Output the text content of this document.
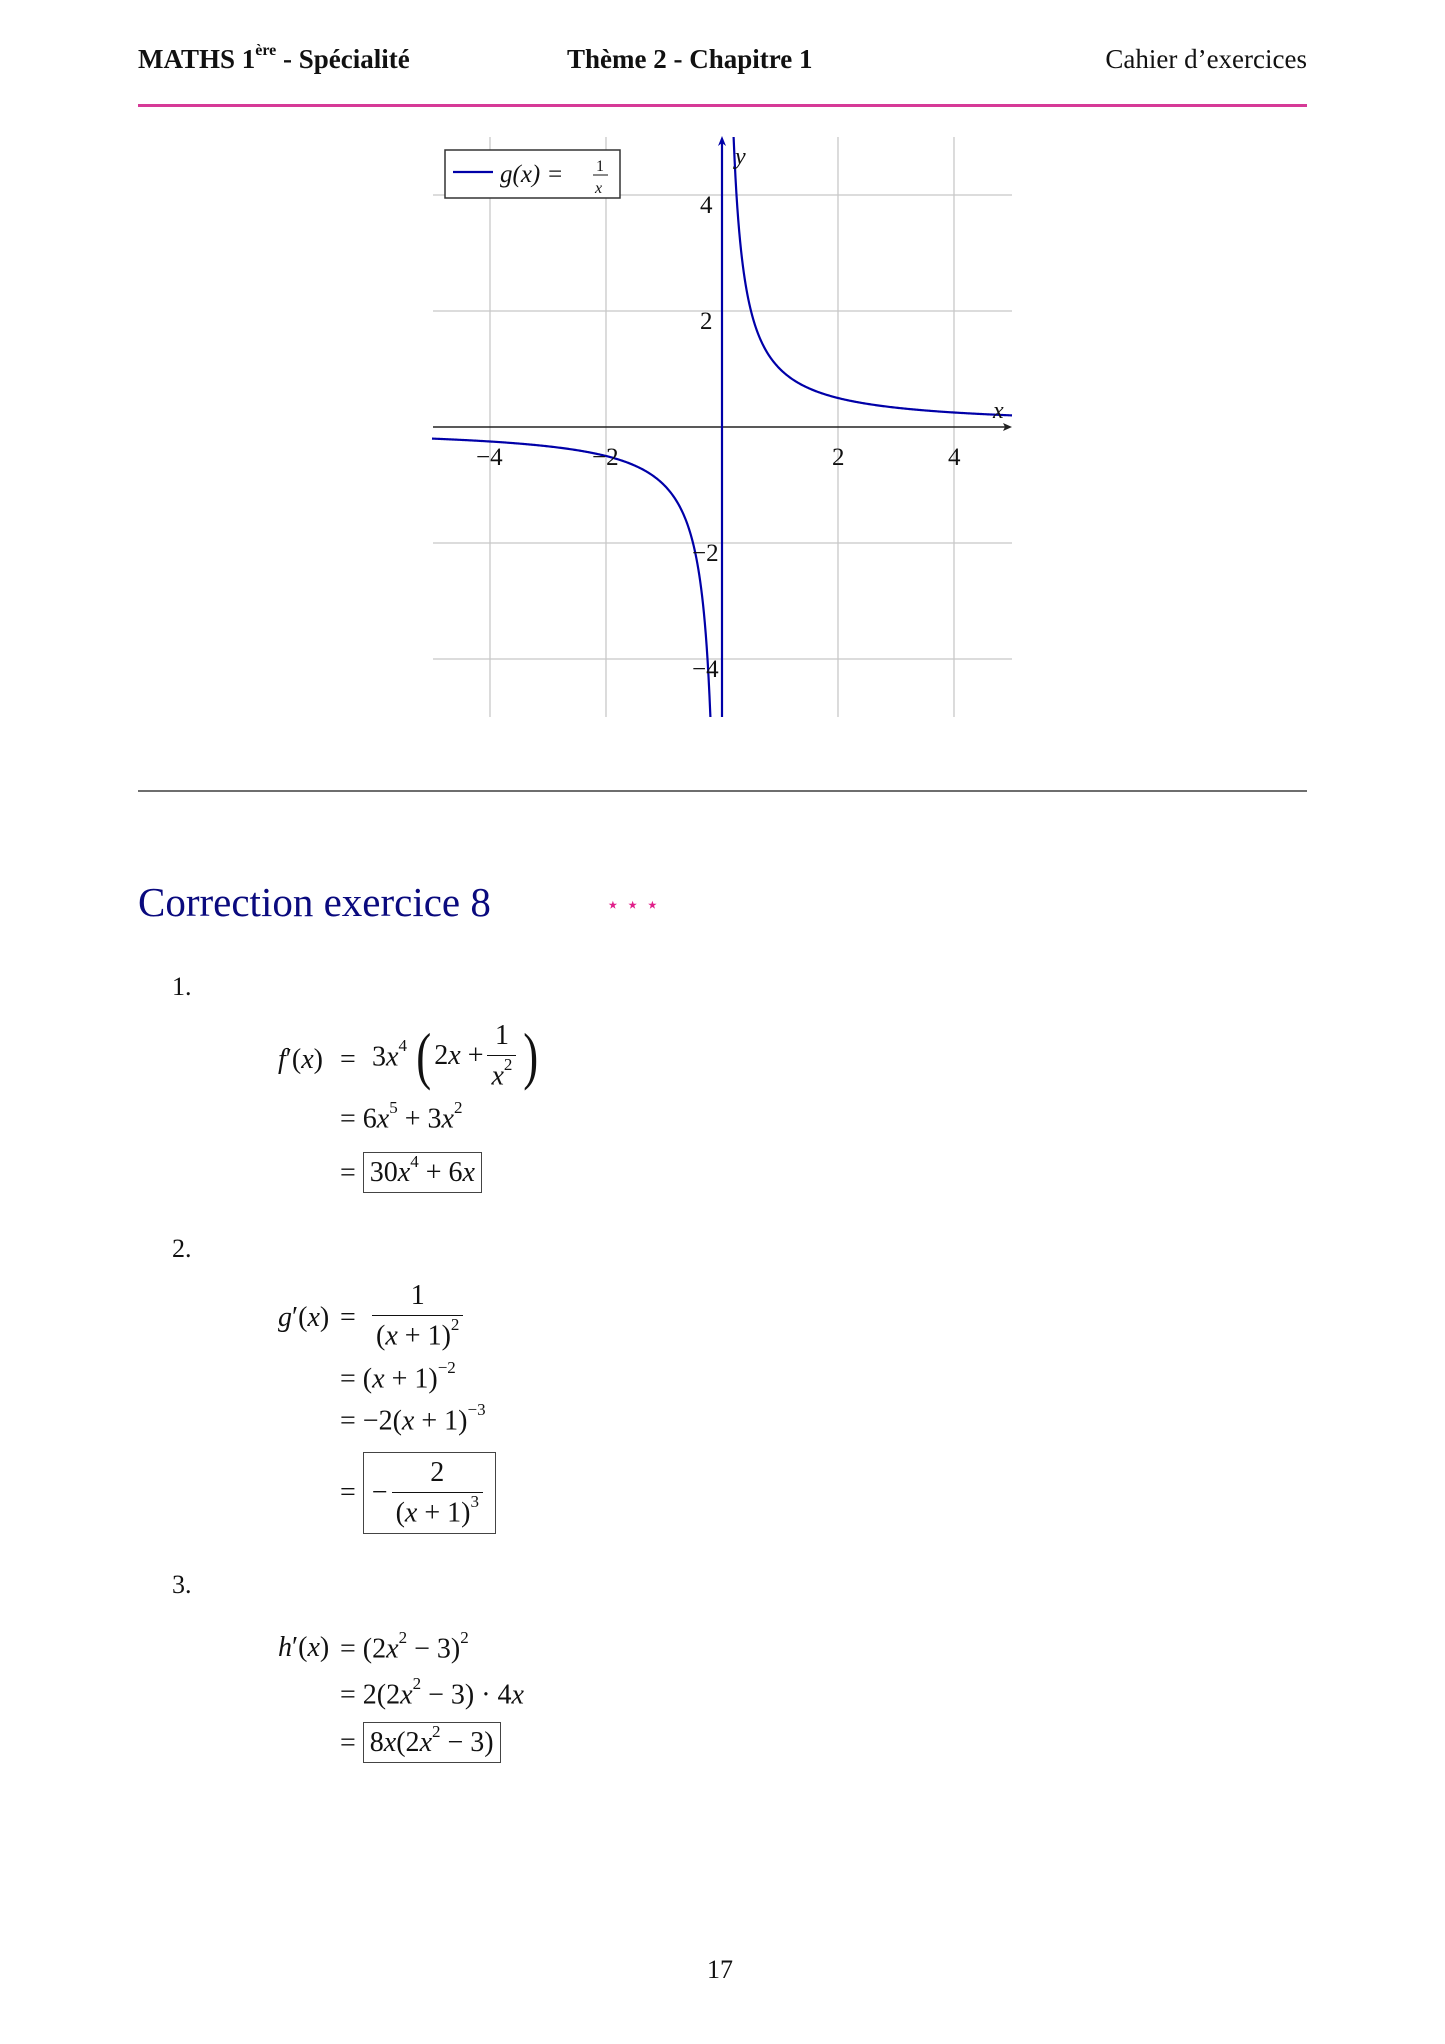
MATHS 1ère - Spécialité	Thème 2 - Chapitre 1	Cahier d’exercices
−4	−2	2	4
−4
−2
2
4
x
y
g(x) = 1
x
Correction exercice 8	⋆⋆⋆
1.
$f'(x) = 3x^4$ ( $2x + \frac{1}{x^2}$ )
= $6x^5 + 3x^2$
= $30x^4 + 6x$
2.
$g'(x) = \frac{1}{(x + 1)^2}$
= $(x + 1)^{-2}$
= $-2(x + 1)^{-3}$
=
− $\frac{2}{(x + 1)^3}$
3.
$h'(x) = (2x^2 - 3)^2$
= $2(2x^2 - 3) \cdot 4x$
= $8x(2x^2 - 3)$
17
